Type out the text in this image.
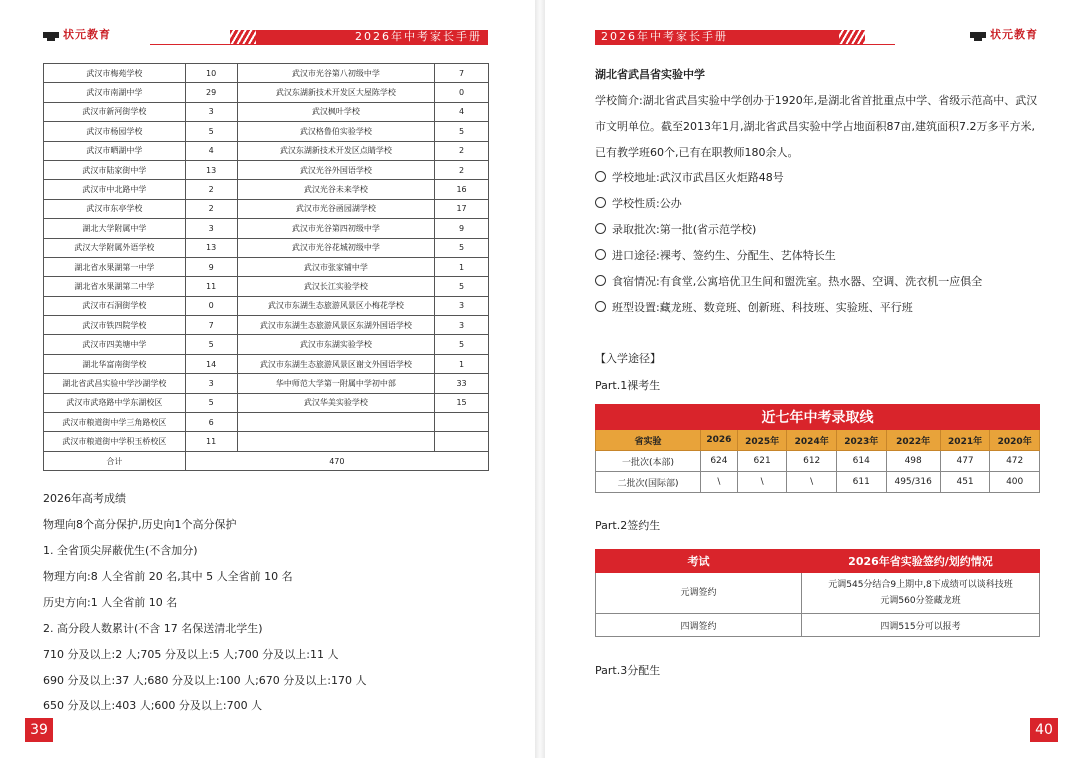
状元教育	2026年中考家长手册
武汉市梅苑学校	10	武汉市光谷第八初级中学	7
武汉市南湖中学	29	武汉东湖新技术开发区大屋陈学校	0
武汉市新河街学校	3	武汉枫叶学校	4
武汉市杨园学校	5	武汉格鲁伯实验学校	5
武汉市晒湖中学	4	武汉东湖新技术开发区点睛学校	2
武汉市陆家街中学	13	武汉光谷外国语学校	2
武汉市中北路中学	2	武汉光谷未来学校	16
武汉市东亭学校	2	武汉市光谷函园湖学校	17
湖北大学附属中学	3	武汉市光谷第四初级中学	9
武汉大学附属外语学校	13	武汉市光谷花城初级中学	5
湖北省水果湖第一中学	9	武汉市张家铺中学	1
湖北省水果湖第二中学	11	武汉长江实验学校	5
武汉市石洞街学校	0	武汉市东湖生态旅游风景区小梅花学校	3
武汉市铁四院学校	7	武汉市东湖生态旅游风景区东湖外国语学校	3
武汉市四美塘中学	5	武汉市东湖实验学校	5
湖北华富南街学校	14	武汉市东湖生态旅游风景区谢文外国语学校	1
湖北省武昌实验中学沙湖学校	3	华中师范大学第一附属中学初中部	33
武汉市武珞路中学东湖校区	5	武汉华美实验学校	15
武汉市粮道街中学三角路校区	6		
武汉市粮道街中学积玉桥校区	11		
合计	470		
2026年高考成绩
物理向8个高分保护,历史向1个高分保护
1. 全省顶尖屏蔽优生(不含加分)
物理方向:8 人全省前 20 名,其中 5 人全省前 10 名
历史方向:1 人全省前 10 名
2. 高分段人数累计(不含 17 名保送清北学生)
710 分及以上:2 人;705 分及以上:5 人;700 分及以上:11 人
690 分及以上:37 人;680 分及以上:100 人;670 分及以上:170 人
650 分及以上:403 人;600 分及以上:700 人
39
2026年中考家长手册	状元教育
40
湖北省武昌省实验中学
学校简介:湖北省武昌实验中学创办于1920年,是湖北省首批重点中学、省级示范高中、武汉
市文明单位。截至2013年1月,湖北省武昌实验中学占地面积87亩,建筑面积7.2万多平方米,
已有教学班60个,已有在职教师180余人。
学校地址:武汉市武昌区火炬路48号
学校性质:公办
录取批次:第一批(省示范学校)
进口途径:裸考、签约生、分配生、艺体特长生
食宿情况:有食堂,公寓培优卫生间和盥洗室。热水器、空调、洗衣机一应俱全
班型设置:藏龙班、数竞班、创新班、科技班、实验班、平行班
【入学途径】
Part.1裸考生
近七年中考录取线							
省实验	2026	2025年	2024年	2023年	2022年	2021年	2020年
一批次(本部)	624	621	612	614	498	477	472
二批次(国际部)	\	\	\	611	495/316	451	400
Part.2签约生
考试	2026年省实验签约/划约情况
元调签约	元调545分结合9上期中,8下成绩可以谈科技班
元调560分签藏龙班

四调签约	四调515分可以报考
Part.3分配生
